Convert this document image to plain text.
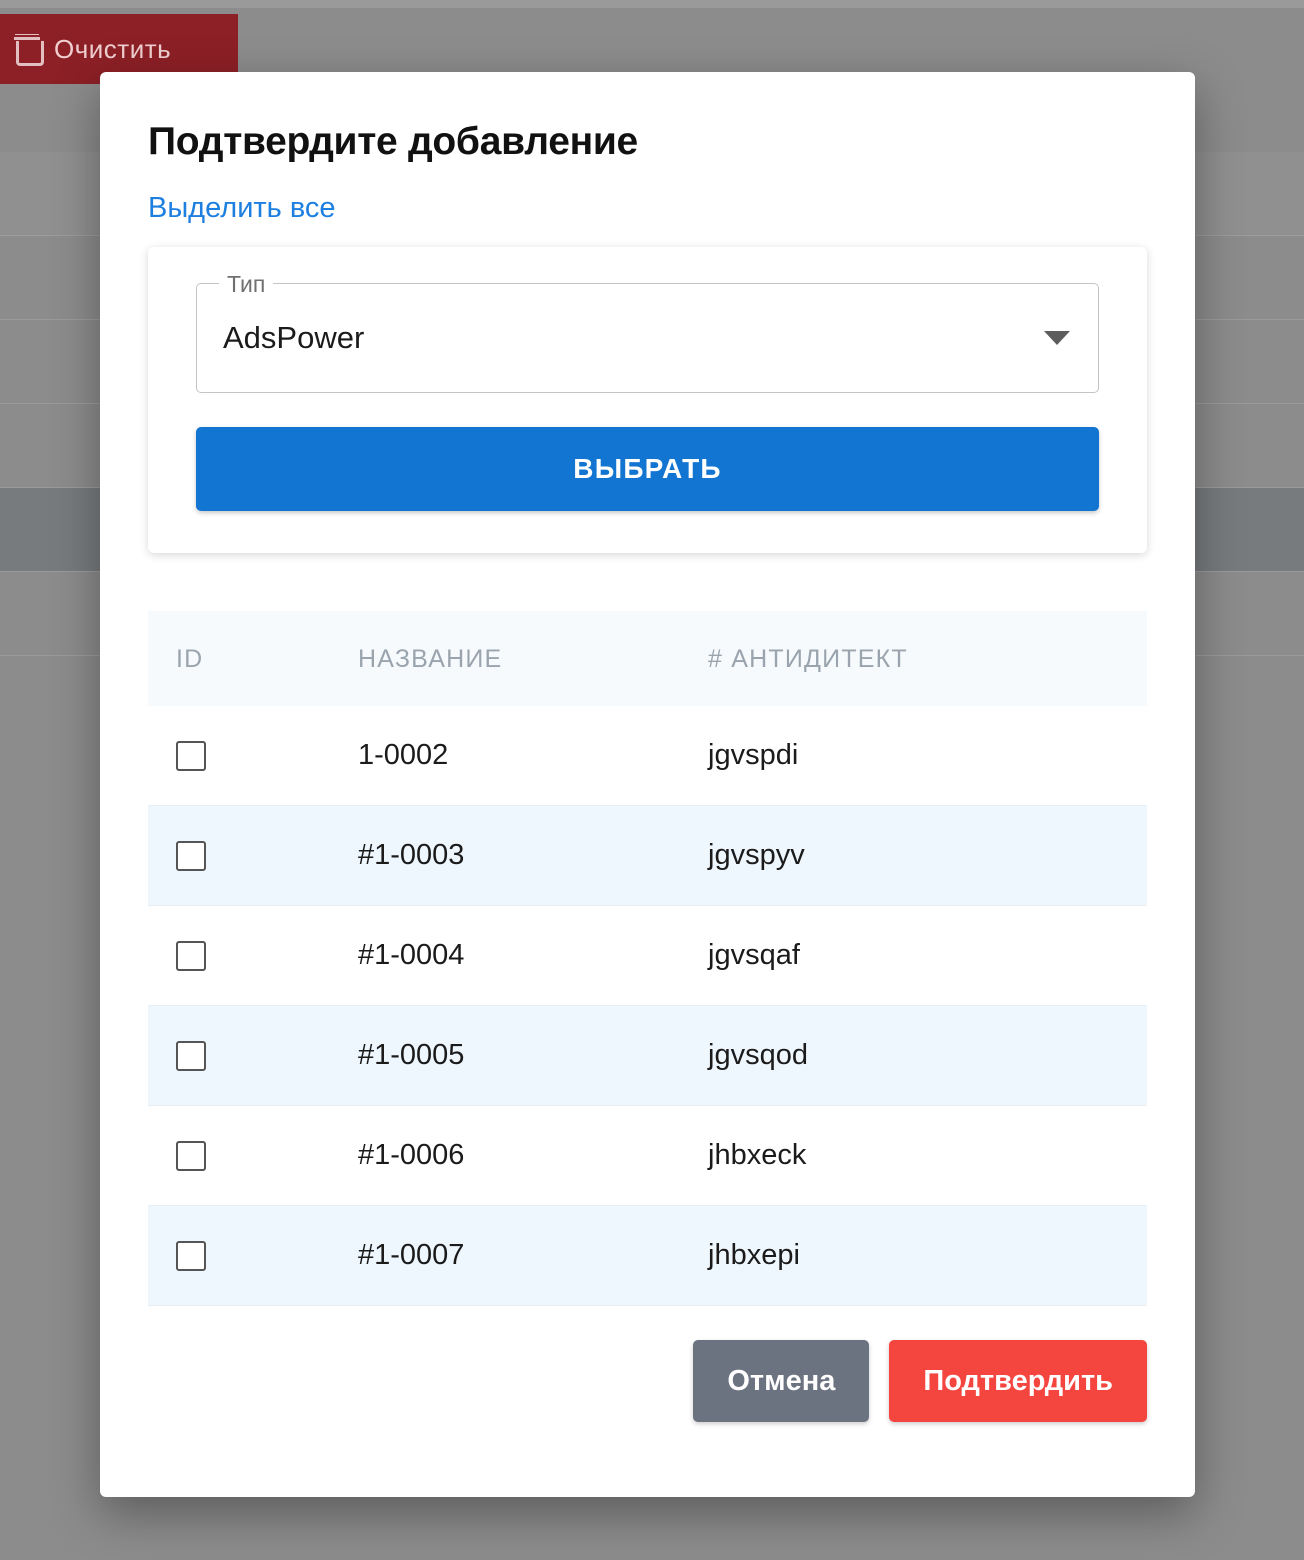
Очистить
Подтвердите добавление
Выделить все
Тип
AdsPower
ВЫБРАТЬ
ID	НАЗВАНИЕ	# АНТИДИТЕКТ
	1-0002	jgvspdi
	#1-0003	jgvspyv
	#1-0004	jgvsqaf
	#1-0005	jgvsqod
	#1-0006	jhbxeck
	#1-0007	jhbxepi
Отмена	Подтвердить
